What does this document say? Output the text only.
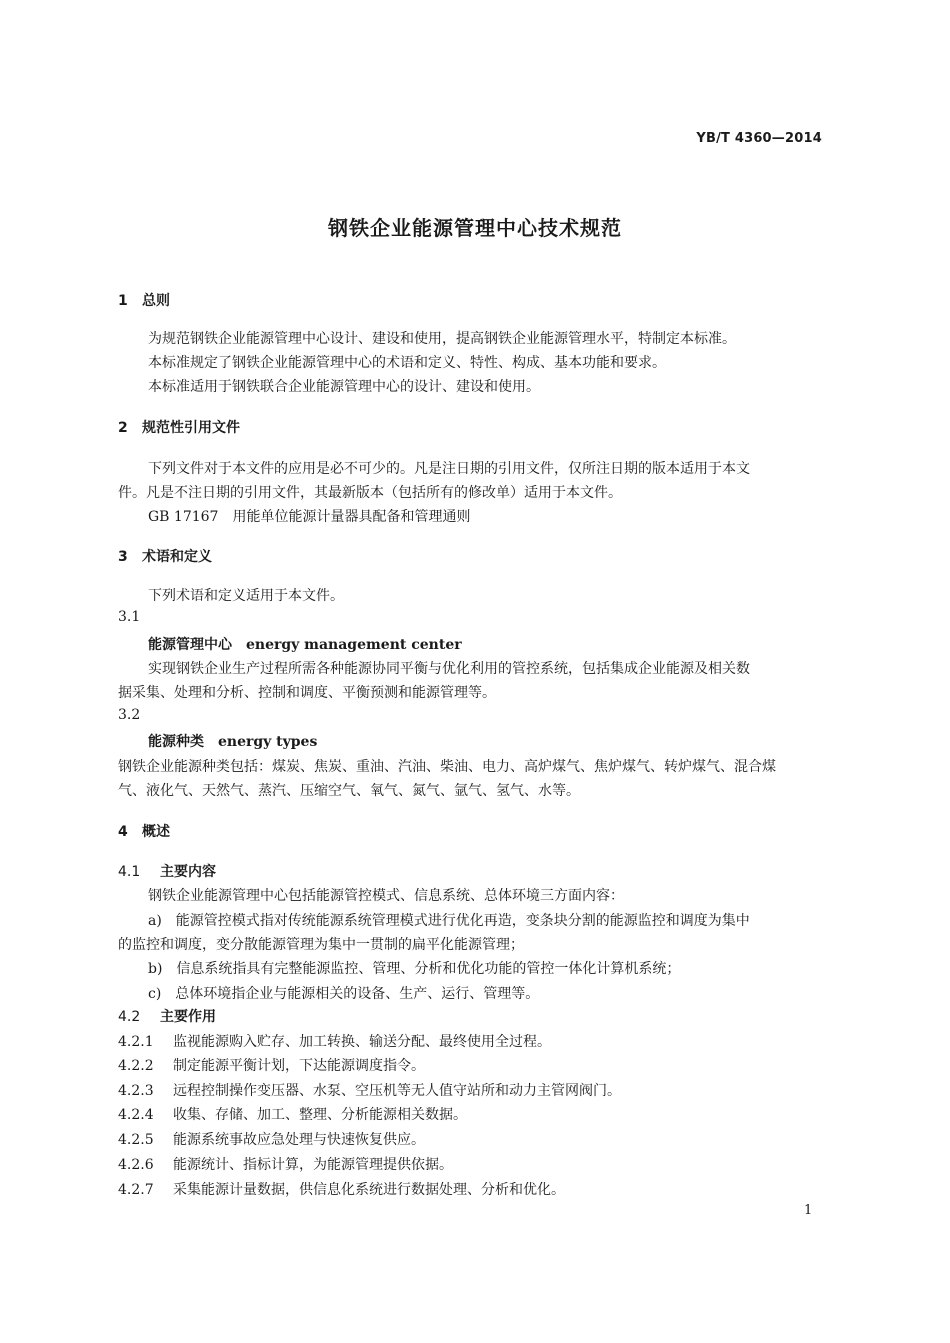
YB/T 4360—2014
钢铁企业能源管理中心技术规范
1 总则
为规范钢铁企业能源管理中心设计、建设和使用，提高钢铁企业能源管理水平，特制定本标准。
本标准规定了钢铁企业能源管理中心的术语和定义、特性、构成、基本功能和要求。
本标准适用于钢铁联合企业能源管理中心的设计、建设和使用。
2 规范性引用文件
下列文件对于本文件的应用是必不可少的。凡是注日期的引用文件，仅所注日期的版本适用于本文
件。凡是不注日期的引用文件，其最新版本（包括所有的修改单）适用于本文件。
GB 17167　用能单位能源计量器具配备和管理通则
3 术语和定义
下列术语和定义适用于本文件。
3.1
能源管理中心 energy management center
实现钢铁企业生产过程所需各种能源协同平衡与优化利用的管控系统，包括集成企业能源及相关数
据采集、处理和分析、控制和调度、平衡预测和能源管理等。
3.2
能源种类 energy types
钢铁企业能源种类包括：煤炭、焦炭、重油、汽油、柴油、电力、高炉煤气、焦炉煤气、转炉煤气、混合煤
气、液化气、天然气、蒸汽、压缩空气、氧气、氮气、氩气、氢气、水等。
4 概述
4.1 主要内容
钢铁企业能源管理中心包括能源管控模式、信息系统、总体环境三方面内容：
a)　能源管控模式指对传统能源系统管理模式进行优化再造，变条块分割的能源监控和调度为集中
的监控和调度，变分散能源管理为集中一贯制的扁平化能源管理；
b)　信息系统指具有完整能源监控、管理、分析和优化功能的管控一体化计算机系统；
c)　总体环境指企业与能源相关的设备、生产、运行、管理等。
4.2 主要作用
4.2.1 监视能源购入贮存、加工转换、输送分配、最终使用全过程。
4.2.2 制定能源平衡计划，下达能源调度指令。
4.2.3 远程控制操作变压器、水泵、空压机等无人值守站所和动力主管网阀门。
4.2.4 收集、存储、加工、整理、分析能源相关数据。
4.2.5 能源系统事故应急处理与快速恢复供应。
4.2.6 能源统计、指标计算，为能源管理提供依据。
4.2.7 采集能源计量数据，供信息化系统进行数据处理、分析和优化。
1
